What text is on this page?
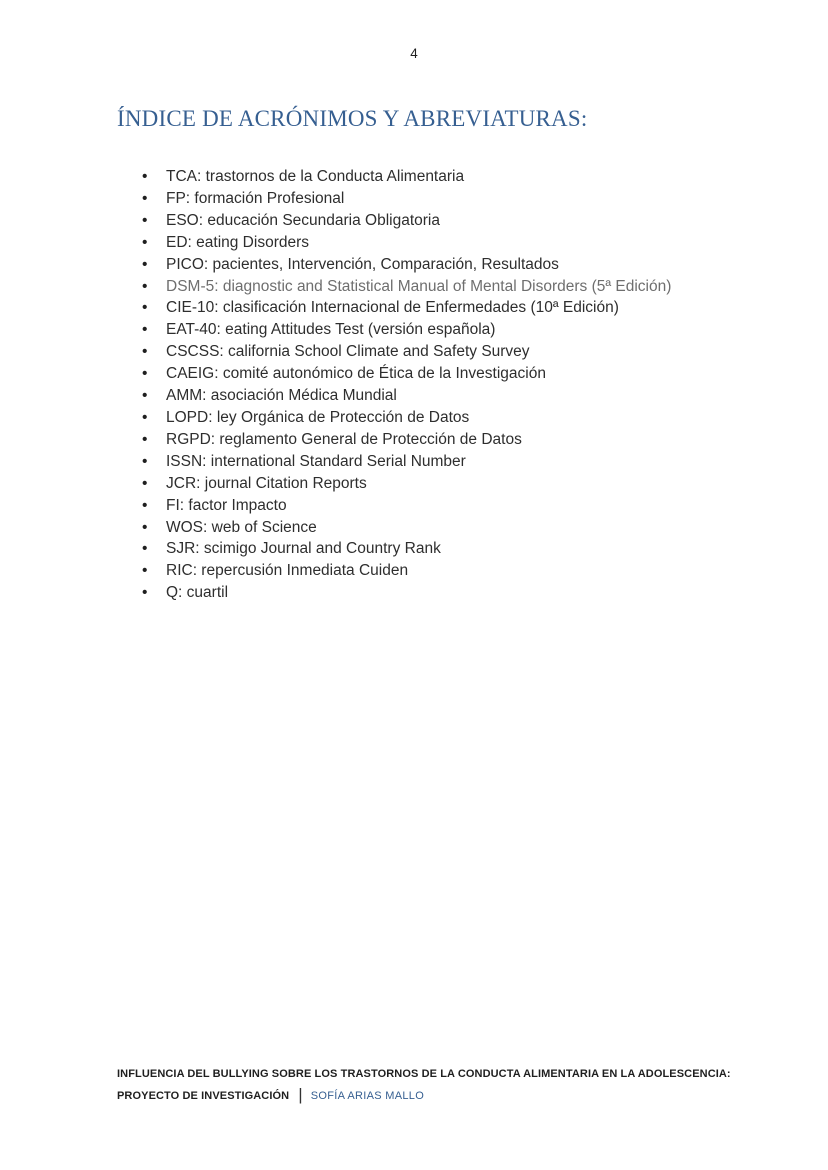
4
ÍNDICE DE ACRÓNIMOS Y ABREVIATURAS:
• TCA: trastornos de la Conducta Alimentaria
• FP: formación Profesional
• ESO: educación Secundaria Obligatoria
• ED: eating Disorders
• PICO: pacientes, Intervención, Comparación, Resultados
• DSM-5: diagnostic and Statistical Manual of Mental Disorders (5ª Edición)
• CIE-10: clasificación Internacional de Enfermedades (10ª Edición)
• EAT-40: eating Attitudes Test (versión española)
• CSCSS: california School Climate and Safety Survey
• CAEIG: comité autonómico de Ética de la Investigación
• AMM: asociación Médica Mundial
• LOPD: ley Orgánica de Protección de Datos
• RGPD: reglamento General de Protección de Datos
• ISSN: international Standard Serial Number
• JCR: journal Citation Reports
• FI: factor Impacto
• WOS: web of Science
• SJR: scimigo Journal and Country Rank
• RIC: repercusión Inmediata Cuiden
• Q: cuartil
INFLUENCIA DEL BULLYING SOBRE LOS TRASTORNOS DE LA CONDUCTA ALIMENTARIA EN LA ADOLESCENCIA:
PROYECTO DE INVESTIGACIÓN | SOFÍA ARIAS MALLO
